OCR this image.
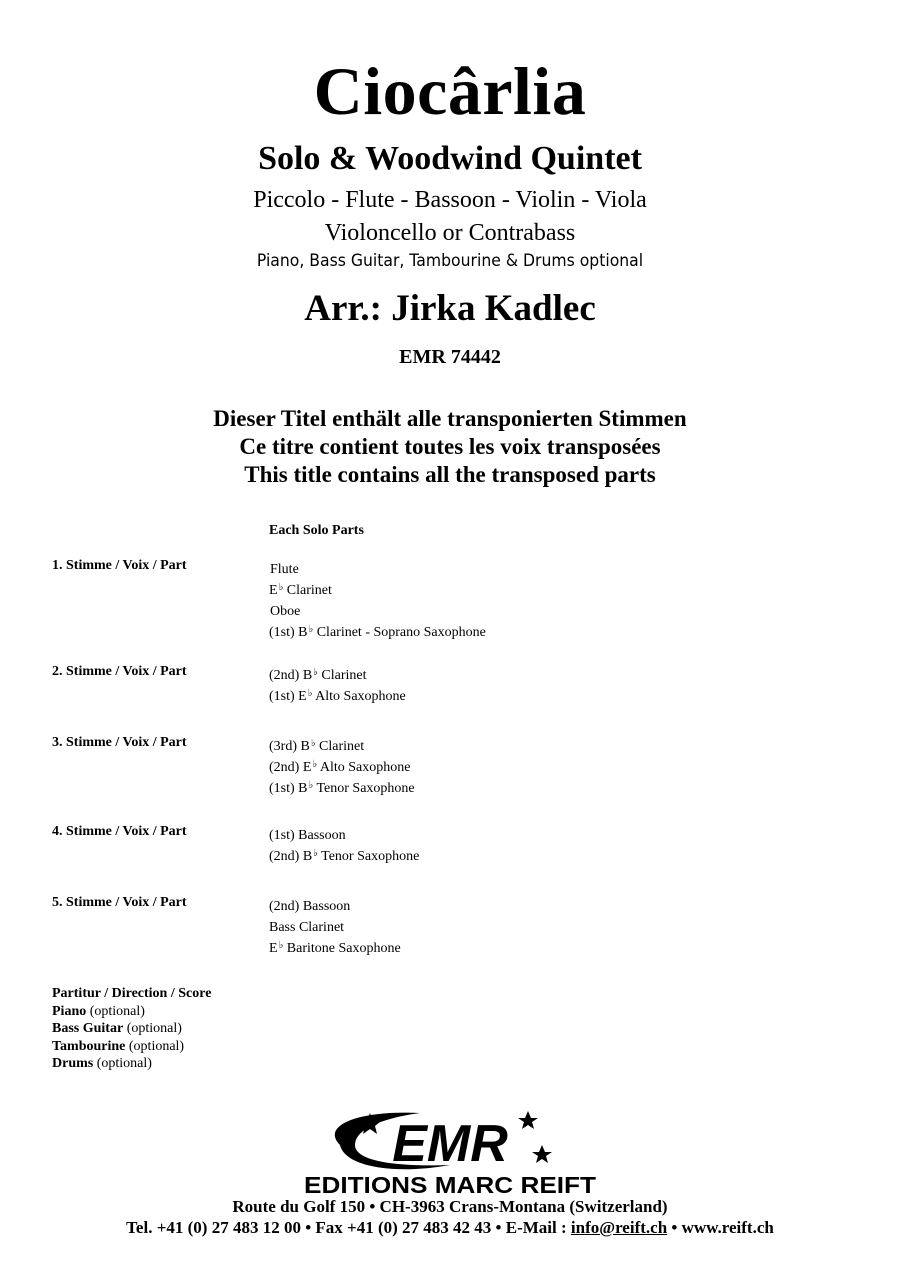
Ciocârlia
Solo & Woodwind Quintet
Piccolo - Flute - Bassoon - Violin - Viola
Violoncello or Contrabass
Piano, Bass Guitar, Tambourine & Drums optional
Arr.: Jirka Kadlec
EMR 74442
Dieser Titel enthält alle transponierten Stimmen
Ce titre contient toutes les voix transposées
This title contains all the transposed parts
Each Solo Parts
1. Stimme / Voix / Part	Flute
E♭ Clarinet
Oboe
(1st) B♭ Clarinet - Soprano Saxophone
2. Stimme / Voix / Part	(2nd) B♭ Clarinet
(1st) E♭ Alto Saxophone
3. Stimme / Voix / Part	(3rd) B♭ Clarinet
(2nd) E♭ Alto Saxophone
(1st) B♭ Tenor Saxophone
4. Stimme / Voix / Part	(1st) Bassoon
(2nd) B♭ Tenor Saxophone
5. Stimme / Voix / Part	(2nd) Bassoon
Bass Clarinet
E♭ Baritone Saxophone
Partitur / Direction / Score
Piano (optional)
Bass Guitar (optional)
Tambourine (optional)
Drums (optional)
EMR
EDITIONS MARC REIFT
Route du Golf 150 • CH-3963 Crans-Montana (Switzerland)
Tel. +41 (0) 27 483 12 00 • Fax +41 (0) 27 483 42 43 • E-Mail : info@reift.ch • www.reift.ch
